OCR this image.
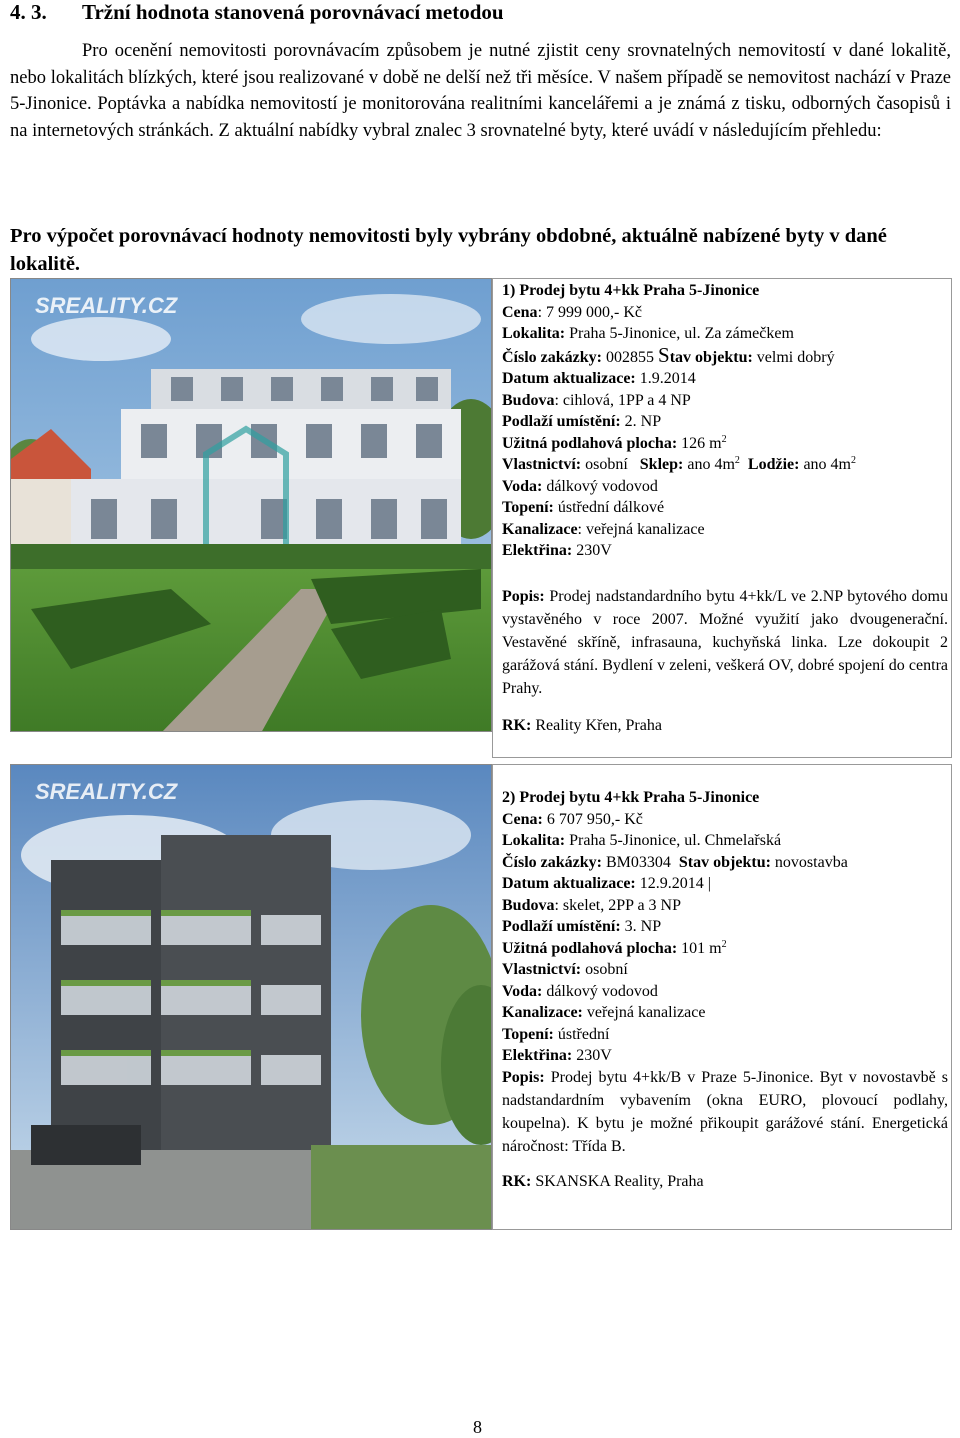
4. 3. Tržní hodnota stanovená porovnávací metodou
Pro ocenění nemovitosti porovnávacím způsobem je nutné zjistit ceny srovnatelných nemovitostí v dané lokalitě, nebo lokalitách blízkých, které jsou realizované v době ne delší než tři měsíce. V našem případě se nemovitost nachází v Praze 5-Jinonice. Poptávka a nabídka nemovitostí je monitorována realitními kancelářemi a je známá z tisku, odborných časopisů i na internetových stránkách. Z aktuální nabídky vybral znalec 3 srovnatelné byty, které uvádí v následujícím přehledu:
Pro výpočet porovnávací hodnoty nemovitosti byly vybrány obdobné, aktuálně nabízené byty v dané lokalitě.
SREALITY.CZ
1) Prodej bytu 4+kk Praha 5-Jinonice
Cena: 7 999 000,- Kč
Lokalita: Praha 5-Jinonice, ul. Za zámečkem
Číslo zakázky: 002855 Stav objektu: velmi dobrý
Datum aktualizace: 1.9.2014
Budova: cihlová, 1PP a 4 NP
Podlaží umístění: 2. NP
Užitná podlahová plocha: 126 $m^2$
Vlastnictví: osobní Sklep: ano $4m^2$ Lodžie: ano $4m^2$
Voda: dálkový vodovod
Topení: ústřední dálkové
Kanalizace: veřejná kanalizace
Elektřina: 230V
Popis: Prodej nadstandardního bytu 4+kk/L ve 2.NP bytového domu vystavěného v roce 2007. Možné využití jako dvougenerační. Vestavěné skříně, infrasauna, kuchyňská linka. Lze dokoupit 2 garážová stání. Bydlení v zeleni, veškerá OV, dobré spojení do centra Prahy.
RK: Reality Křen, Praha
SREALITY.CZ	2) Prodej bytu 4+kk Praha 5-Jinonice
Cena: 6 707 950,- Kč
Lokalita: Praha 5-Jinonice, ul. Chmelařská
Číslo zakázky: BM03304  Stav objektu: novostavba
Datum aktualizace: 12.9.2014 |
Budova: skelet, 2PP a 3 NP
Podlaží umístění: 3. NP
Užitná podlahová plocha: 101 $m^2$
Vlastnictví: osobní
Voda: dálkový vodovod
Kanalizace: veřejná kanalizace
Topení: ústřední
Elektřina: 230V
Popis: Prodej bytu 4+kk/B v Praze 5-Jinonice. Byt v novostavbě s nadstandardním vybavením (okna EURO, plovoucí podlahy, koupelna). K bytu je možné přikoupit garážové stání. Energetická náročnost: Třída B.
RK: SKANSKA Reality, Praha
8
